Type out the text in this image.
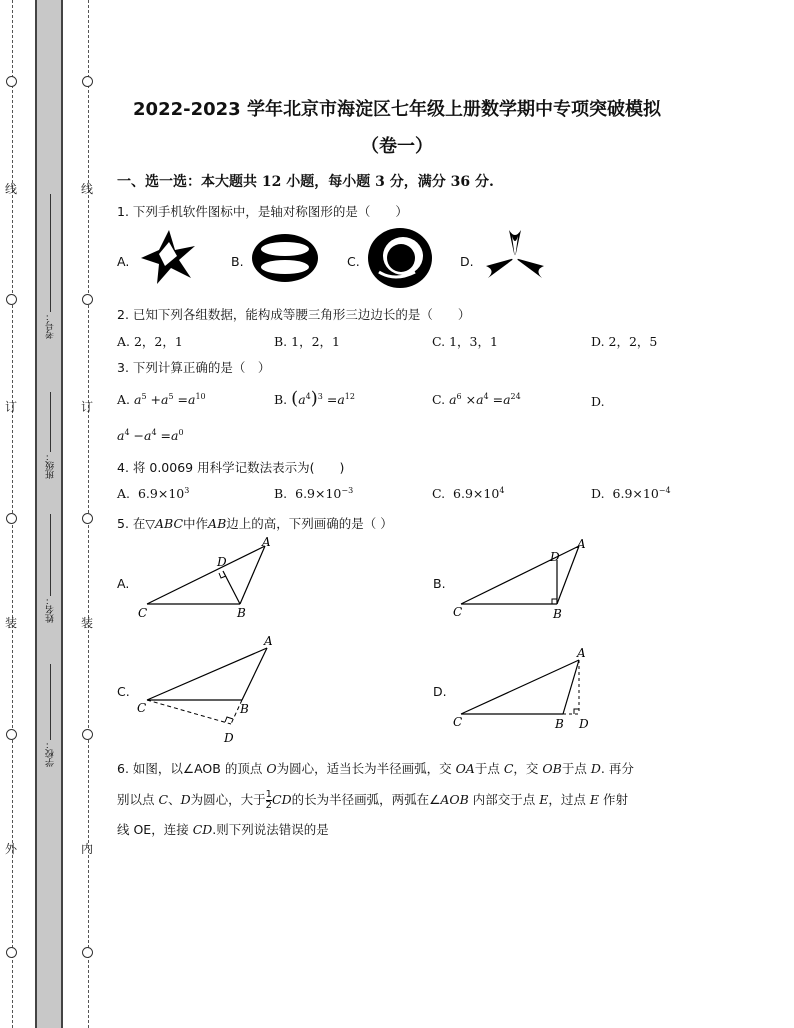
线
订
装
外
线
订
装
内
考号：
班级：
姓名：
学校：
2022-2023 学年北京市海淀区七年级上册数学期中专项突破模拟
（卷一）
一、选一选：本大题共 12 小题，每小题 3 分，满分 36 分.
1. 下列手机软件图标中，是轴对称图形的是（　　）
A.	B.	C.	D.
2. 已知下列各组数据，能构成等腰三角形三边边长的是（　　）
A. 2，2，1	B. 1，2，1	C. 1，3，1	D. 2，2，5
3. 下列计算正确的是（　）
A. $a^5 +a^5 =a^{10}$	B. $(a^4)^3 =a^{12}$	C. $a^6 \times a^4 =a^{24}$	D.
$a^4 -a^4 =a^0$
4. 将 0.0069 用科学记数法表示为(　　)
A. $6.9\times 10^3$	B. $6.9\times 10^{-3}$	C. $6.9\times 10^4$	D. $6.9\times 10^{-4}$
5. 在▽ABC中作AB边上的高，下列画确的是（ ）
A.
A
B
C
D
B.
A
B
C
D
C.
A
B
C
D
D.
A
B
C	D
6. 如图，以∠AOB 的顶点 O为圆心，适当长为半径画弧，交 OA于点 C，交 OB于点 D. 再分
别以点 C、D为圆心，大于 $\frac{1}{2}$ CD的长为半径画弧，两弧在∠AOB 内部交于点 E，过点 E 作射
线 OE，连接 CD.则下列说法错误的是
